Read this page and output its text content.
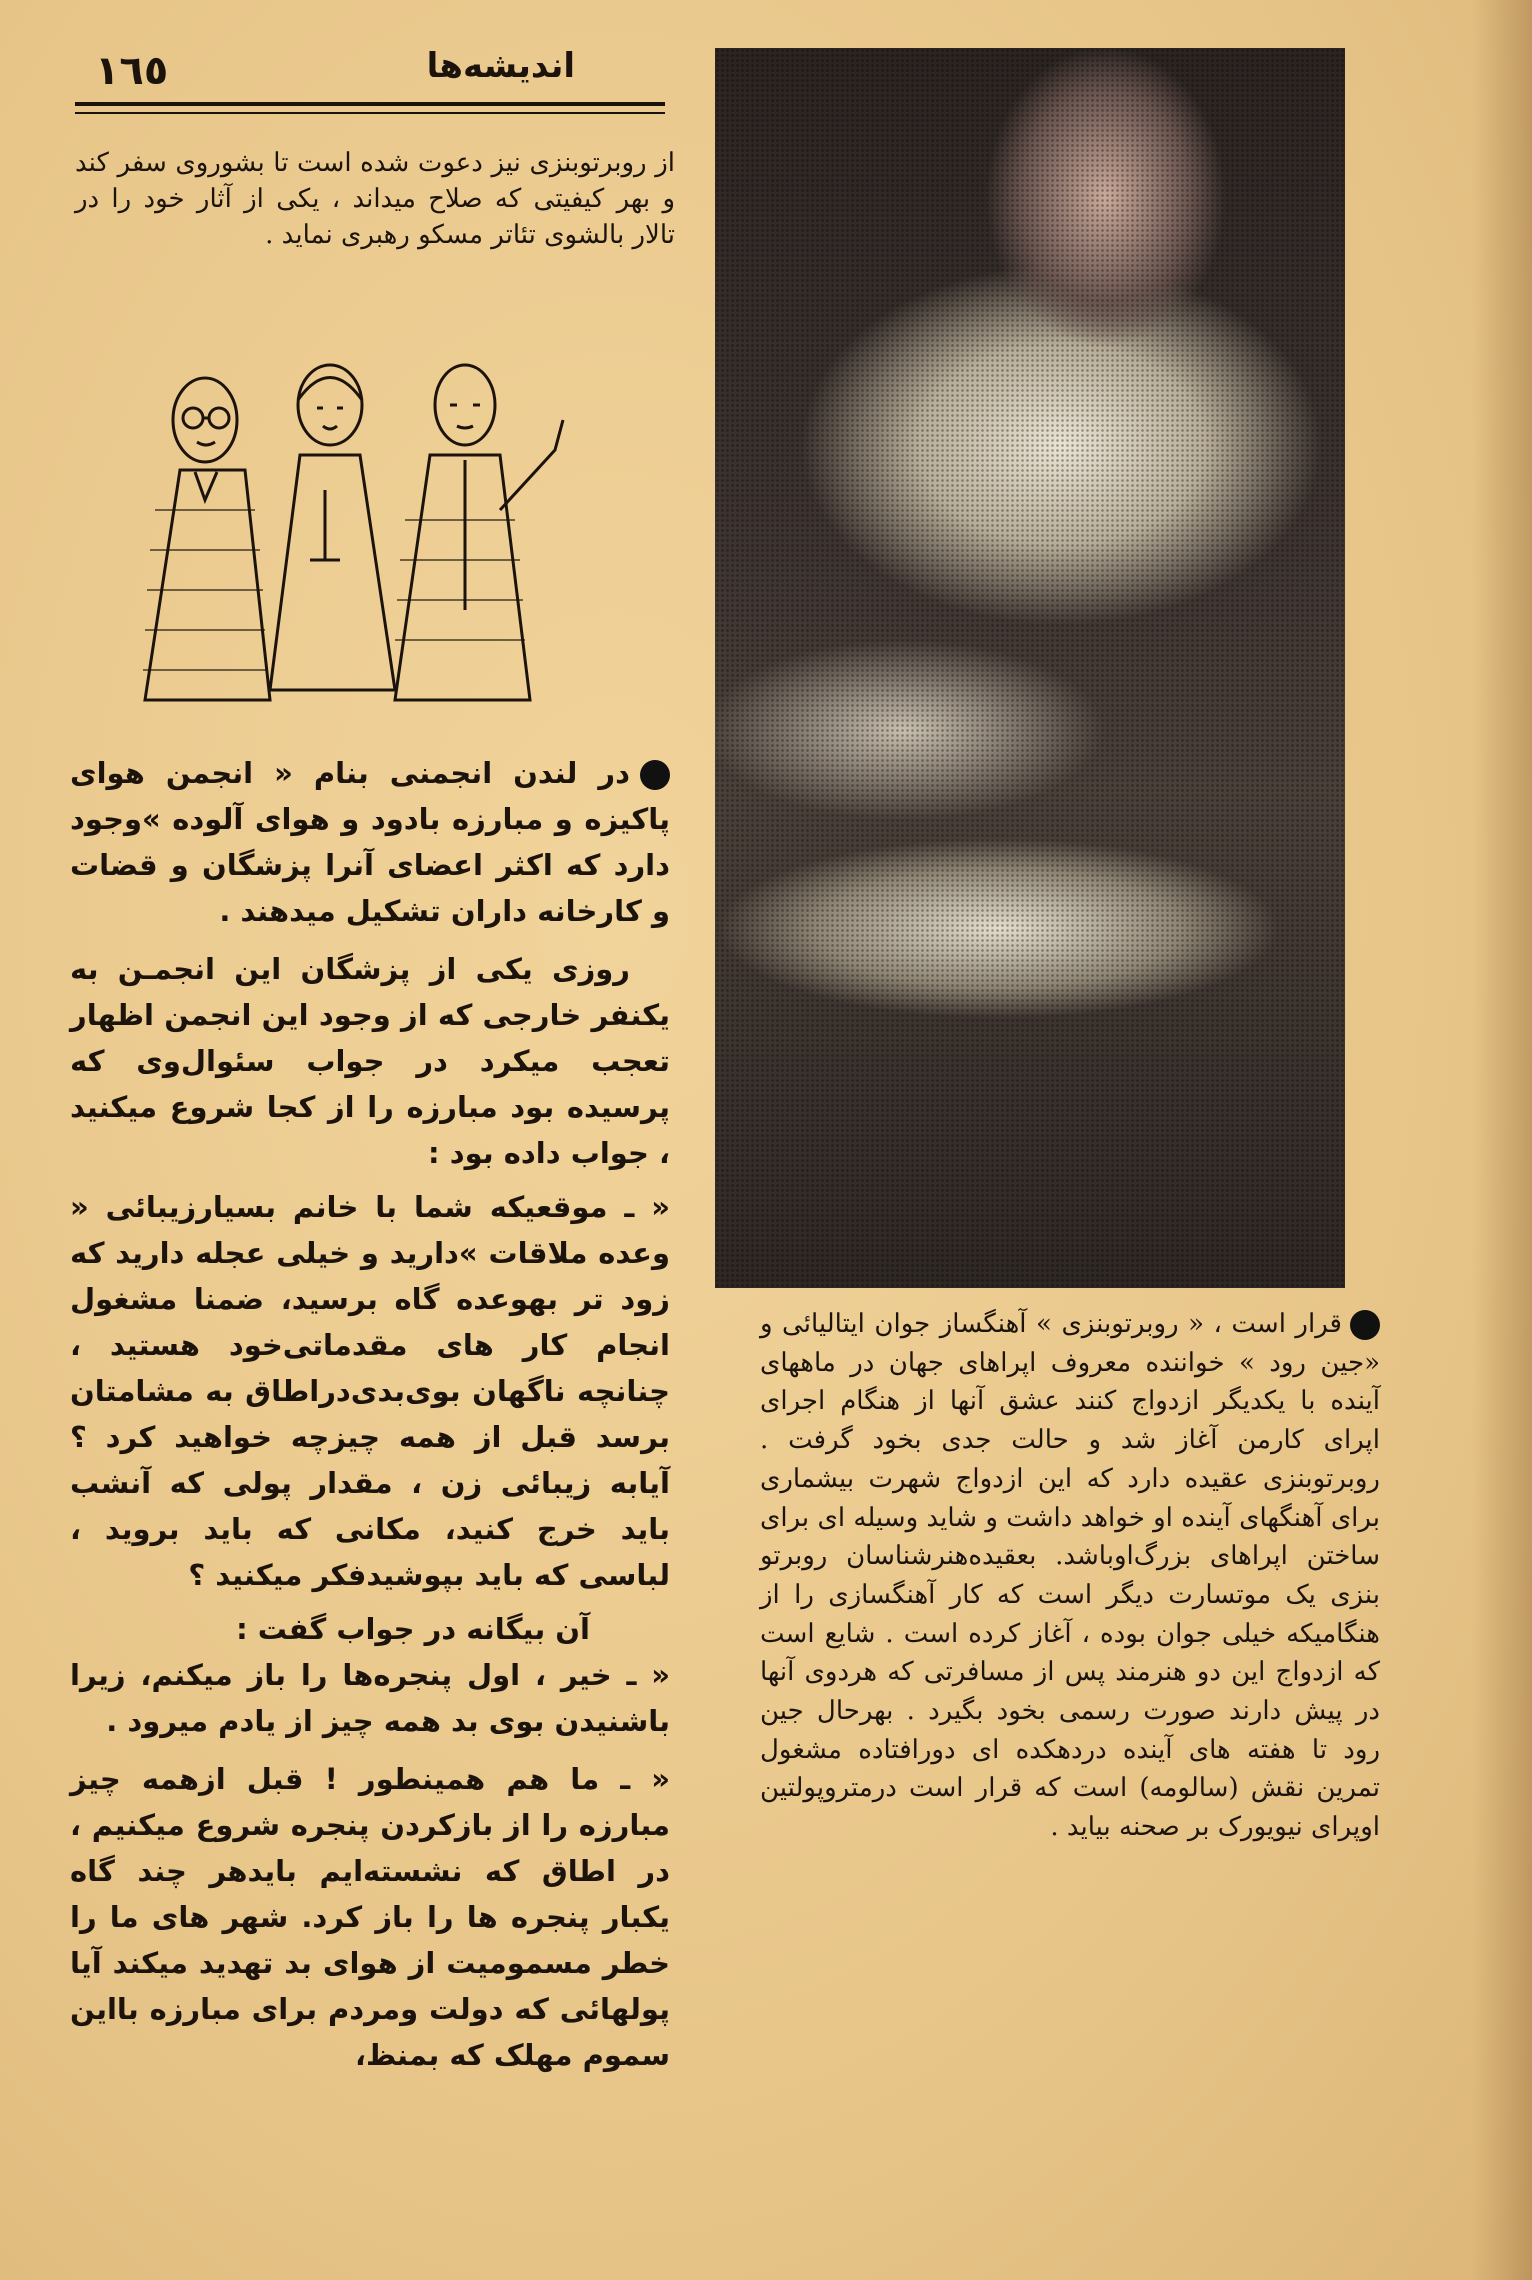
١٦٥	اندیشه‌ها
از روبرتوبنزی نیز دعوت شده است تا بشوروی سفر کند و بهر کیفیتی که صلاح میداند ، یکی از آثار خود را در تالار بالشوی تئاتر مسکو رهبری نماید .

در لندن انجمنی بنام « انجمن هوای پاکیزه و مبارزه بادود و هوای آلوده »وجود دارد که اکثر اعضای آنرا پزشگان و قضات و کارخانه داران تشکیل میدهند .

روزی یکی از پزشگان این انجمـن به یکنفر خارجی که از وجود این انجمن اظهار تعجب میکرد در جواب سئوال‌وی که پرسیده بود مبارزه را از کجا شروع میکنید ، جواب داده بود :

« ـ موقعیکه شما با خانم بسیارزیبائی « وعده ملاقات »دارید و خیلی عجله دارید که زود تر بهوعده گاه برسید، ضمنا مشغول انجام کار های مقدماتی‌خود هستید ، چنانچه ناگهان بوی‌بدی‌دراطاق به مشامتان برسد قبل از همه چیزچه خواهید کرد ؟ آیابه زیبائی زن ، مقدار پولی که آنشب باید خرج کنید، مکانی که باید بروید ، لباسی که باید بپوشیدفکر میکنید ؟

آن بیگانه در جواب گفت :

« ـ خیر ، اول پنجره‌ها را باز میکنم، زیرا باشنیدن بوی بد همه چیز از یادم میرود .

« ـ ما هم همینطور ! قبل ازهمه چیز مبارزه را از بازکردن پنجره شروع میکنیم ، در اطاق که نشسته‌ایم بایدهر چند گاه یکبار پنجره ها را باز کرد. شهر های ما را خطر مسمومیت از هوای بد تهدید میکند آیا پولهائی که دولت ومردم برای مبارزه بااین سموم مهلک که بمنظ،

قرار است ، « روبرتوبنزی » آهنگساز جوان ایتالیائی و «جین رود » خواننده معروف اپراهای جهان در ماههای آینده با یکدیگر ازدواج کنند عشق آنها از هنگام اجرای اپرای کارمن آغاز شد و حالت جدی بخود گرفت . روبرتوبنزی عقیده دارد که این ازدواج شهرت بیشماری برای آهنگهای آینده او خواهد داشت و شاید وسیله ای برای ساختن اپراهای بزرگ‌اوباشد. بعقیده‌هنرشناسان روبرتو بنزی یک موتسارت دیگر است که کار آهنگسازی را از هنگامیکه خیلی جوان بوده ، آغاز کرده است . شایع است که ازدواج این دو هنرمند پس از مسافرتی که هردوی آنها در پیش دارند صورت رسمی بخود بگیرد . بهرحال جین رود تا هفته های آینده دردهکده ای دورافتاده مشغول تمرین نقش (سالومه) است که قرار است درمتروپولتین اوپرای نیویورک بر صحنه بیاید .
